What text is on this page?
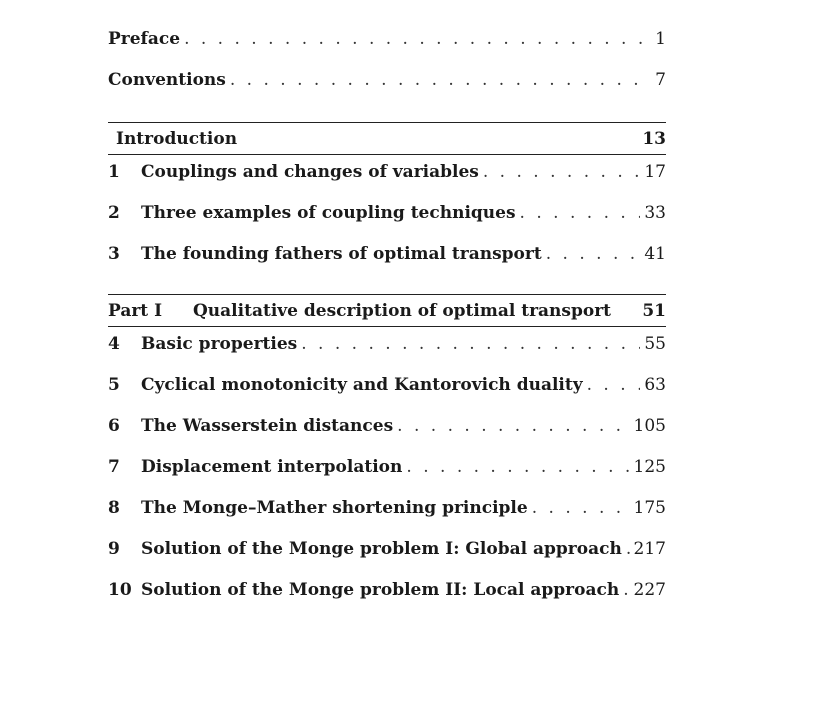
Preface . . .	1
Conventions . . .	7
Introduction	13
1	Couplings and changes of variables . . .	17
2	Three examples of coupling techniques . . .	33
3	The founding fathers of optimal transport . . .	41
Part I	Qualitative description of optimal transport 51
4	Basic properties . . .	55
5	Cyclical monotonicity and Kantorovich duality . . .	63
6	The Wasserstein distances . . .	105
7	Displacement interpolation . . .	125
8	The Monge–Mather shortening principle . . .	175
9	Solution of the Monge problem I: Global approach . . . 217
10 Solution of the Monge problem II: Local approach . . . 227
